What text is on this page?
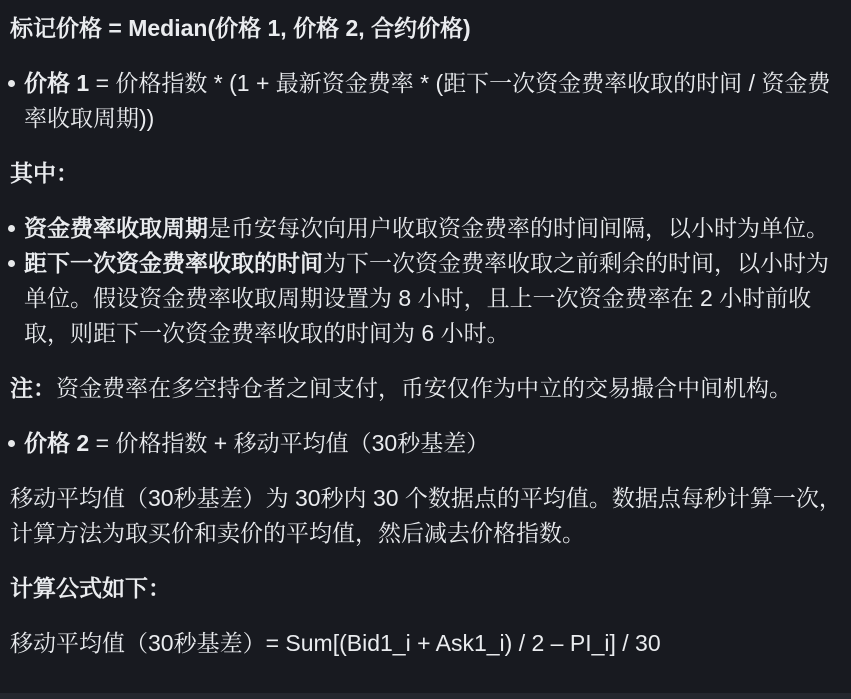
标记价格 = Median(价格 1, 价格 2, 合约价格)

价格 1 = 价格指数 * (1 + 最新资金费率 * (距下一次资金费率收取的时间 / 资金费率收取周期))

其中：

资金费率收取周期是币安每次向用户收取资金费率的时间间隔，以小时为单位。
距下一次资金费率收取的时间为下一次资金费率收取之前剩余的时间，以小时为单位。假设资金费率收取周期设置为 8 小时，且上一次资金费率在 2 小时前收取，则距下一次资金费率收取的时间为 6 小时。

注：资金费率在多空持仓者之间支付，币安仅作为中立的交易撮合中间机构。

价格 2 = 价格指数 + 移动平均值（30秒基差）

移动平均值（30秒基差）为 30秒内 30 个数据点的平均值。数据点每秒计算一次，计算方法为取买价和卖价的平均值，然后减去价格指数。

计算公式如下：

移动平均值（30秒基差）= Sum[(Bid1_i + Ask1_i) / 2 – PI_i] / 30
